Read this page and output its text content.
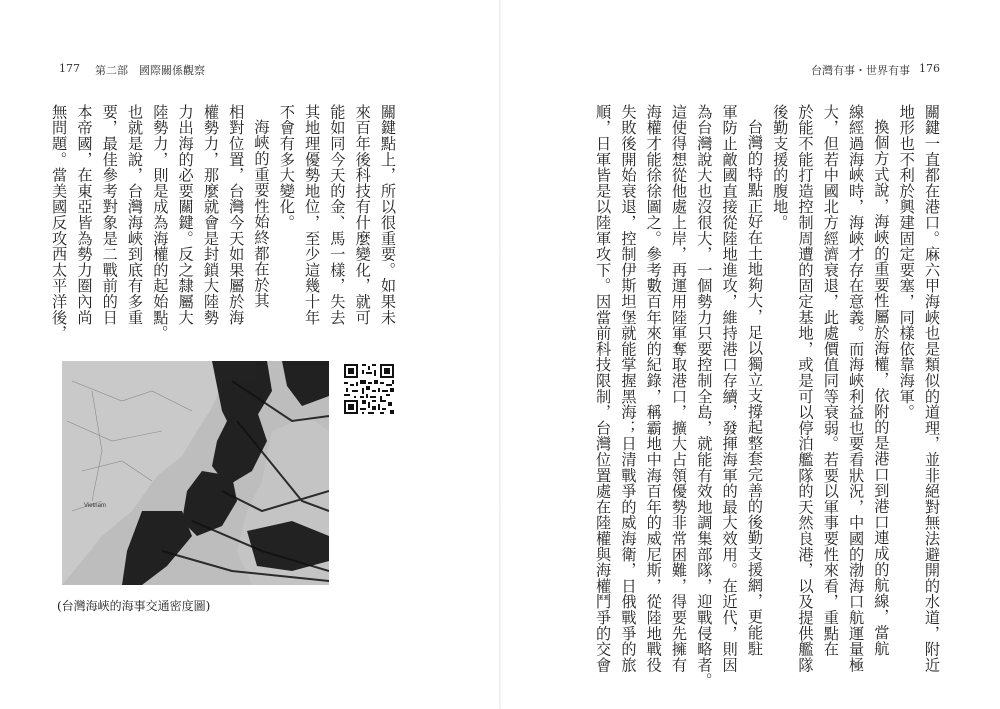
177 第二部　國際關係觀察	台灣有事・世界有事 176

關鍵一直都在港口。麻六甲海峽也是類似的道理，並非絕對無法避開的水道，附近

地形也不利於興建固定要塞，同樣依靠海軍。

換個方式說，海峽的重要性屬於海權，依附的是港口到港口連成的航線，當航

線經過海峽時，海峽才存在意義。而海峽利益也要看狀況，中國的渤海口航運量極

大，但若中國北方經濟衰退，此處價值同等衰弱。若要以軍事要性來看，重點在

於能不能打造控制周遭的固定基地，或是可以停泊艦隊的天然良港，以及提供艦隊

後勤支援的腹地。

台灣的特點正好在土地夠大，足以獨立支撐起整套完善的後勤支援網，更能駐

軍防止敵國直接從陸地進攻，維持港口存續，發揮海軍的最大效用。在近代，則因

為台灣說大也沒很大，一個勢力只要控制全島，就能有效地調集部隊，迎戰侵略者。

這使得想從他處上岸，再運用陸軍奪取港口，擴大占領優勢非常困難，得要先擁有

海權才能徐徐圖之。參考數百年來的紀錄，稱霸地中海百年的威尼斯，從陸地戰役

失敗後開始衰退，控制伊斯坦堡就能掌握黑海；日清戰爭的威海衛，日俄戰爭的旅

順，日軍皆是以陸軍攻下。因當前科技限制，台灣位置處在陸權與海權鬥爭的交會

關鍵點上，所以很重要。如果未

來百年後科技有什麼變化，就可

能如同今天的金、馬一樣，失去

其地理優勢地位，至少這幾十年

不會有多大變化。

海峽的重要性始終都在於其

相對位置，台灣今天如果屬於海

權勢力，那麼就會是封鎖大陸勢

力出海的必要關鍵。反之隸屬大

陸勢力，則是成為海權的起始點。

也就是說，台灣海峽到底有多重

要，最佳參考對象是二戰前的日

本帝國，在東亞皆為勢力圈內尚

無問題。當美國反攻西太平洋後，

Vietnam
(台灣海峽的海事交通密度圖)
